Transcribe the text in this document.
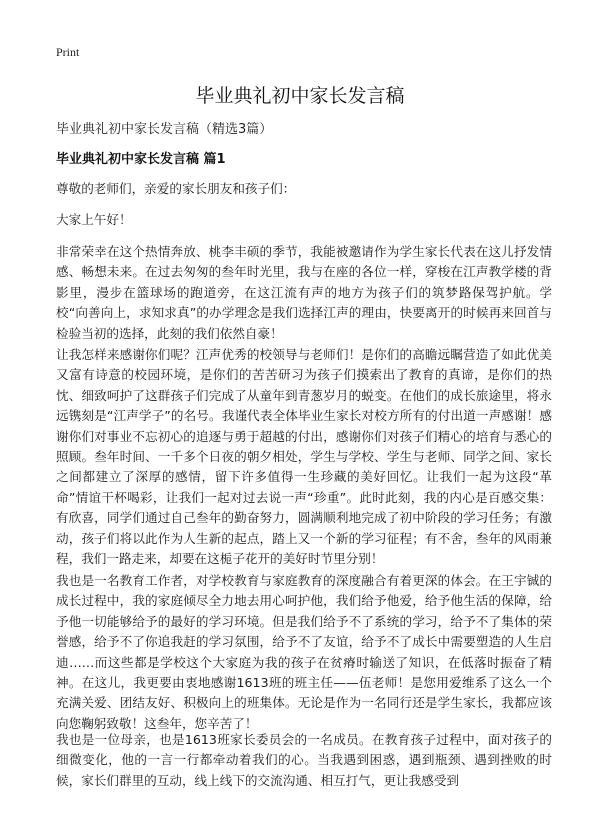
Print
毕业典礼初中家长发言稿
毕业典礼初中家长发言稿（精选3篇）
毕业典礼初中家长发言稿 篇1
尊敬的老师们，亲爱的家长朋友和孩子们：
大家上午好！
非常荣幸在这个热情奔放、桃李丰硕的季节，我能被邀请作为学生家长代表在这儿抒发情感、畅想未来。在过去匆匆的叁年时光里，我与在座的各位一样，穿梭在江声教学楼的背影里，漫步在篮球场的跑道旁，在这江流有声的地方为孩子们的筑梦路保驾护航。学校“向善向上，求知求真”的办学理念是我们选择江声的理由，快要离开的时候再来回首与检验当初的选择，此刻的我们依然自豪！
让我怎样来感谢你们呢？江声优秀的校领导与老师们！是你们的高瞻远瞩营造了如此优美又富有诗意的校园环境，是你们的苦苦研习为孩子们摸索出了教育的真谛，是你们的热忱、细致呵护了这群孩子们完成了从童年到青葱岁月的蜕变。在他们的成长旅途里，将永远镌刻是“江声学子”的名号。我谨代表全体毕业生家长对校方所有的付出道一声感谢！感谢你们对事业不忘初心的追逐与勇于超越的付出，感谢你们对孩子们精心的培育与悉心的照顾。叁年时间、一千多个日夜的朝夕相处，学生与学校、学生与老师、同学之间、家长之间都建立了深厚的感情，留下许多值得一生珍藏的美好回忆。让我们一起为这段“革命”情谊干杯喝彩，让我们一起对过去说一声“珍重”。此时此刻，我的内心是百感交集：有欣喜，同学们通过自己叁年的勤奋努力，圆满顺利地完成了初中阶段的学习任务；有激动，孩子们将以此作为人生新的起点，踏上又一个新的学习征程；有不舍，叁年的风雨兼程，我们一路走来，却要在这栀子花开的美好时节里分别！
我也是一名教育工作者，对学校教育与家庭教育的深度融合有着更深的体会。在王宇铖的成长过程中，我的家庭倾尽全力地去用心呵护他，我们给予他爱，给予他生活的保障，给予他一切能够给予的最好的学习环境。但是我们给予不了系统的学习，给予不了集体的荣誉感，给予不了你追我赶的学习氛围，给予不了友谊，给予不了成长中需要塑造的人生启迪……而这些都是学校这个大家庭为我的孩子在贫瘠时输送了知识，在低落时振奋了精神。在这儿，我更要由衷地感谢1613班的班主任——伍老师！是您用爱维系了这么一个充满关爱、团结友好、积极向上的班集体。无论是作为一名同行还是学生家长，我都应该向您鞠躬致敬！这叁年，您辛苦了！
我也是一位母亲，也是1613班家长委员会的一名成员。在教育孩子过程中，面对孩子的细微变化，他的一言一行都牵动着我们的心。当我遇到困惑，遇到瓶颈、遇到挫败的时候，家长们群里的互动，线上线下的交流沟通、相互打气，更让我感受到
